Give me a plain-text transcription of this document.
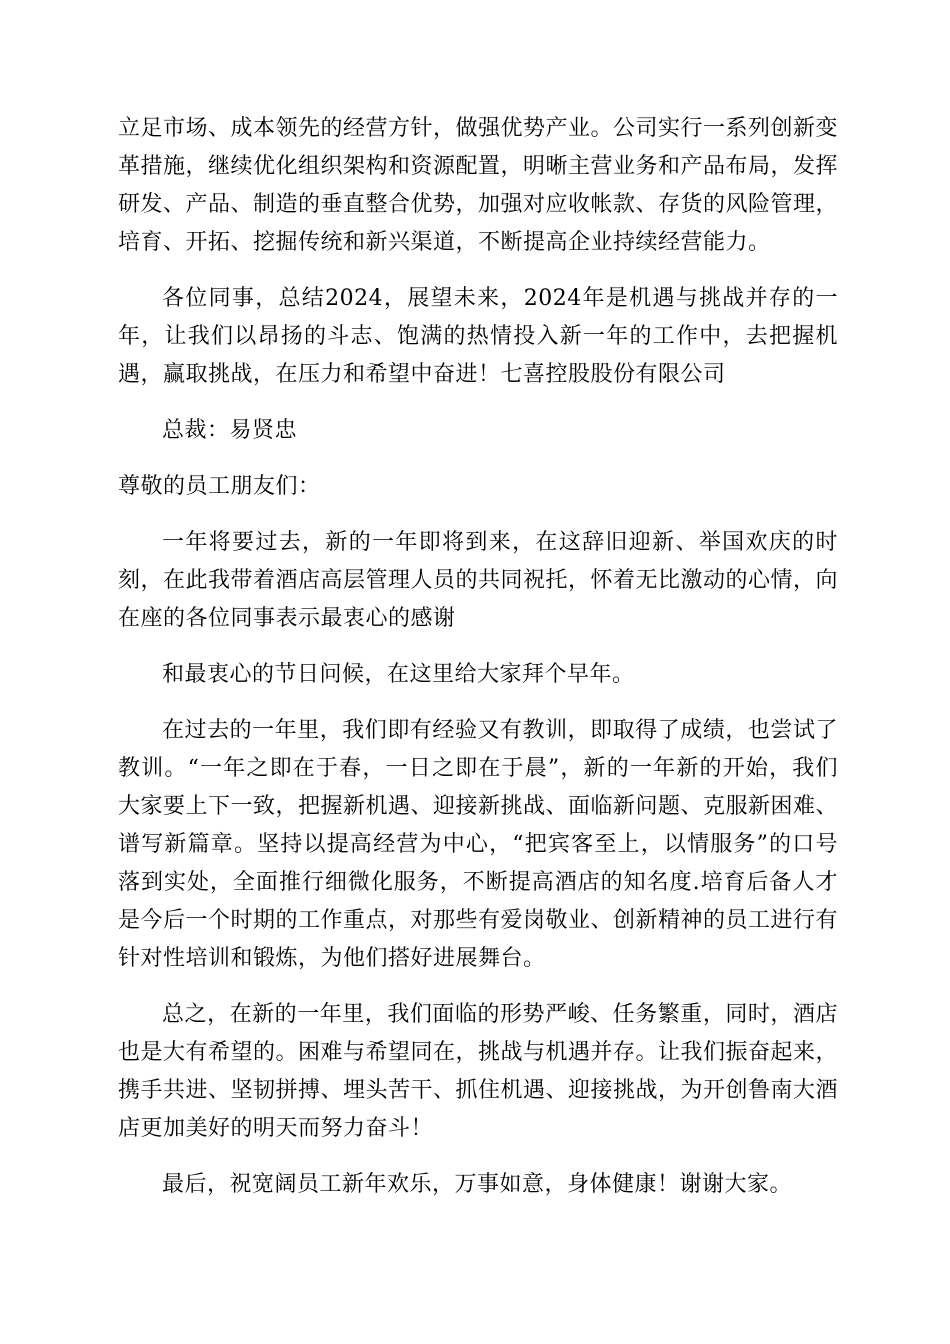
立足市场、成本领先的经营方针，做强优势产业。公司实行一系列创新变革措施，继续优化组织架构和资源配置，明晰主营业务和产品布局，发挥研发、产品、制造的垂直整合优势，加强对应收帐款、存货的风险管理，培育、开拓、挖掘传统和新兴渠道，不断提高企业持续经营能力。

各位同事，总结2024，展望未来，2024年是机遇与挑战并存的一年，让我们以昂扬的斗志、饱满的热情投入新一年的工作中，去把握机遇，赢取挑战，在压力和希望中奋进！七喜控股股份有限公司

总裁：易贤忠

尊敬的员工朋友们：

一年将要过去，新的一年即将到来，在这辞旧迎新、举国欢庆的时刻，在此我带着酒店高层管理人员的共同祝托，怀着无比激动的心情，向在座的各位同事表示最衷心的感谢

和最衷心的节日问候，在这里给大家拜个早年。

在过去的一年里，我们即有经验又有教训，即取得了成绩，也尝试了教训。“一年之即在于春，一日之即在于晨”，新的一年新的开始，我们大家要上下一致，把握新机遇、迎接新挑战、面临新问题、克服新困难、谱写新篇章。坚持以提高经营为中心，“把宾客至上，以情服务”的口号落到实处，全面推行细微化服务，不断提高酒店的知名度.培育后备人才是今后一个时期的工作重点，对那些有爱岗敬业、创新精神的员工进行有针对性培训和锻炼，为他们搭好进展舞台。

总之，在新的一年里，我们面临的形势严峻、任务繁重，同时，酒店也是大有希望的。困难与希望同在，挑战与机遇并存。让我们振奋起来，携手共进、坚韧拼搏、埋头苦干、抓住机遇、迎接挑战，为开创鲁南大酒店更加美好的明天而努力奋斗！

最后，祝宽阔员工新年欢乐，万事如意，身体健康！谢谢大家。
